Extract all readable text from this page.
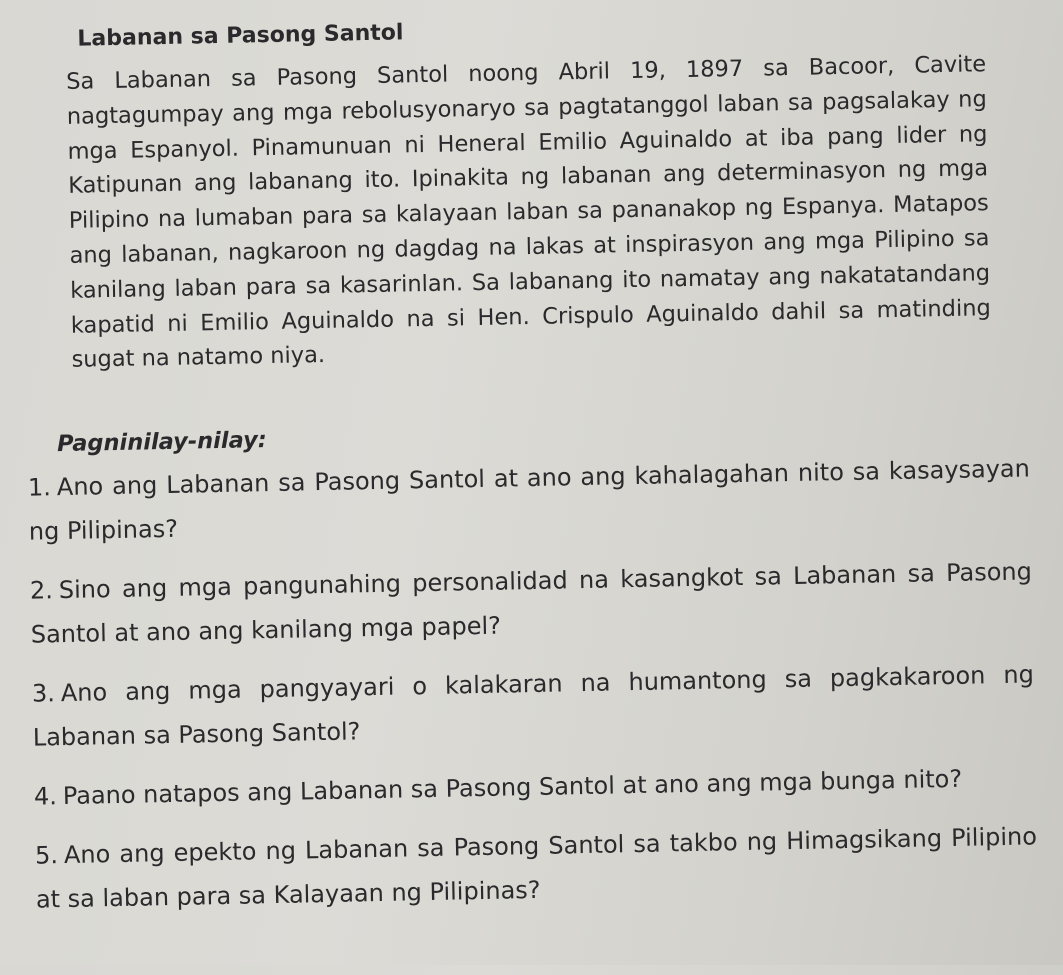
Labanan sa Pasong Santol

Sa Labanan sa Pasong Santol noong Abril 19, 1897 sa Bacoor, Cavite nagtagumpay ang mga rebolusyonaryo sa pagtatanggol laban sa pagsalakay ng mga Espanyol. Pinamunuan ni Heneral Emilio Aguinaldo at iba pang lider ng Katipunan ang labanang ito. Ipinakita ng labanan ang determinasyon ng mga Pilipino na lumaban para sa kalayaan laban sa pananakop ng Espanya. Matapos ang labanan, nagkaroon ng dagdag na lakas at inspirasyon ang mga Pilipino sa kanilang laban para sa kasarinlan. Sa labanang ito namatay ang nakatatandang kapatid ni Emilio Aguinaldo na si Hen. Crispulo Aguinaldo dahil sa matinding sugat na natamo niya.

Pagninilay-nilay:
1. Ano ang Labanan sa Pasong Santol at ano ang kahalagahan nito sa kasaysayan ng Pilipinas?
2. Sino ang mga pangunahing personalidad na kasangkot sa Labanan sa Pasong Santol at ano ang kanilang mga papel?
3. Ano ang mga pangyayari o kalakaran na humantong sa pagkakaroon ng Labanan sa Pasong Santol?
4. Paano natapos ang Labanan sa Pasong Santol at ano ang mga bunga nito?
5. Ano ang epekto ng Labanan sa Pasong Santol sa takbo ng Himagsikang Pilipino at sa laban para sa Kalayaan ng Pilipinas?
